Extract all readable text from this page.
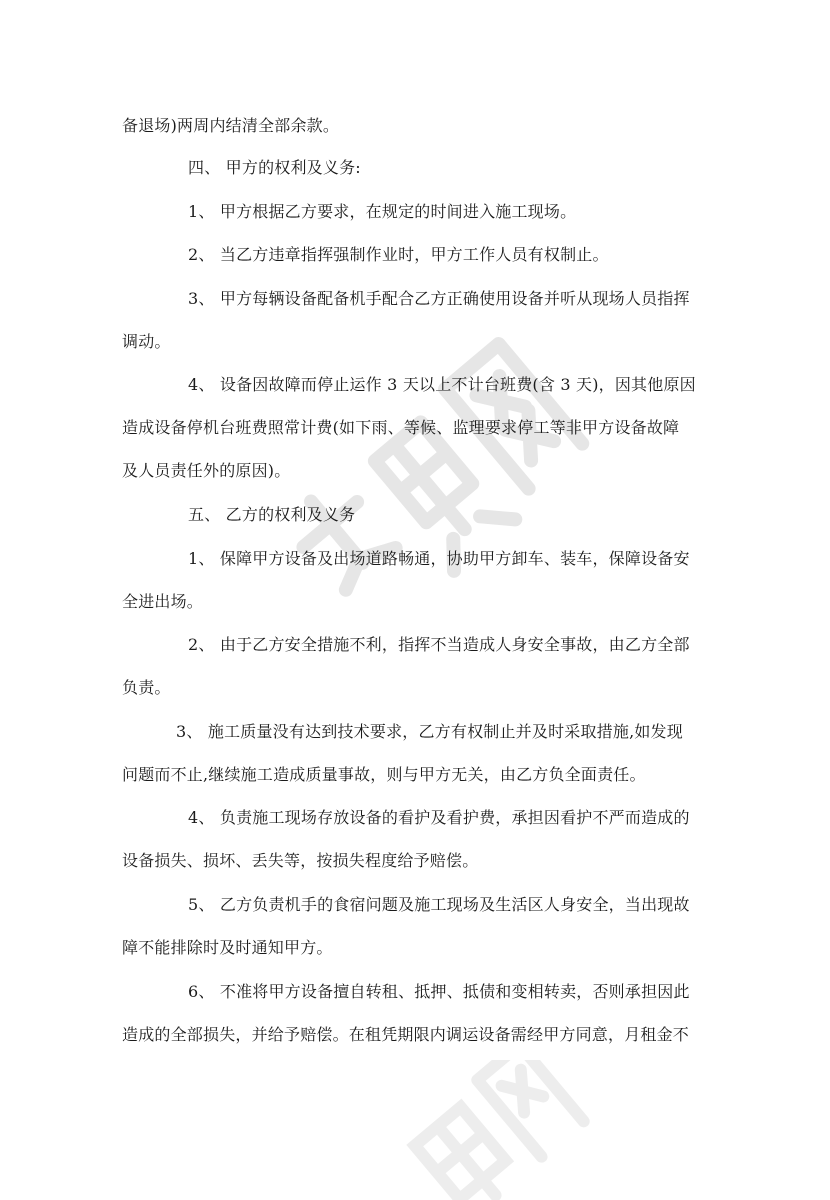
备退场)两周内结清全部余款。
四、 甲方的权利及义务:
1、 甲方根据乙方要求，在规定的时间进入施工现场。
2、 当乙方违章指挥强制作业时，甲方工作人员有权制止。
3、 甲方每辆设备配备机手配合乙方正确使用设备并听从现场人员指挥
调动。
4、 设备因故障而停止运作 3 天以上不计台班费(含 3 天)，因其他原因
造成设备停机台班费照常计费(如下雨、等候、监理要求停工等非甲方设备故障
及人员责任外的原因)。
五、 乙方的权利及义务
1、 保障甲方设备及出场道路畅通，协助甲方卸车、装车，保障设备安
全进出场。
2、 由于乙方安全措施不利，指挥不当造成人身安全事故，由乙方全部
负责。
3、 施工质量没有达到技术要求，乙方有权制止并及时采取措施,如发现
问题而不止,继续施工造成质量事故，则与甲方无关，由乙方负全面责任。
4、 负责施工现场存放设备的看护及看护费，承担因看护不严而造成的
设备损失、损坏、丢失等，按损失程度给予赔偿。
5、 乙方负责机手的食宿问题及施工现场及生活区人身安全，当出现故
障不能排除时及时通知甲方。
6、 不准将甲方设备擅自转租、抵押、抵债和变相转卖，否则承担因此
造成的全部损失，并给予赔偿。在租凭期限内调运设备需经甲方同意，月租金不
